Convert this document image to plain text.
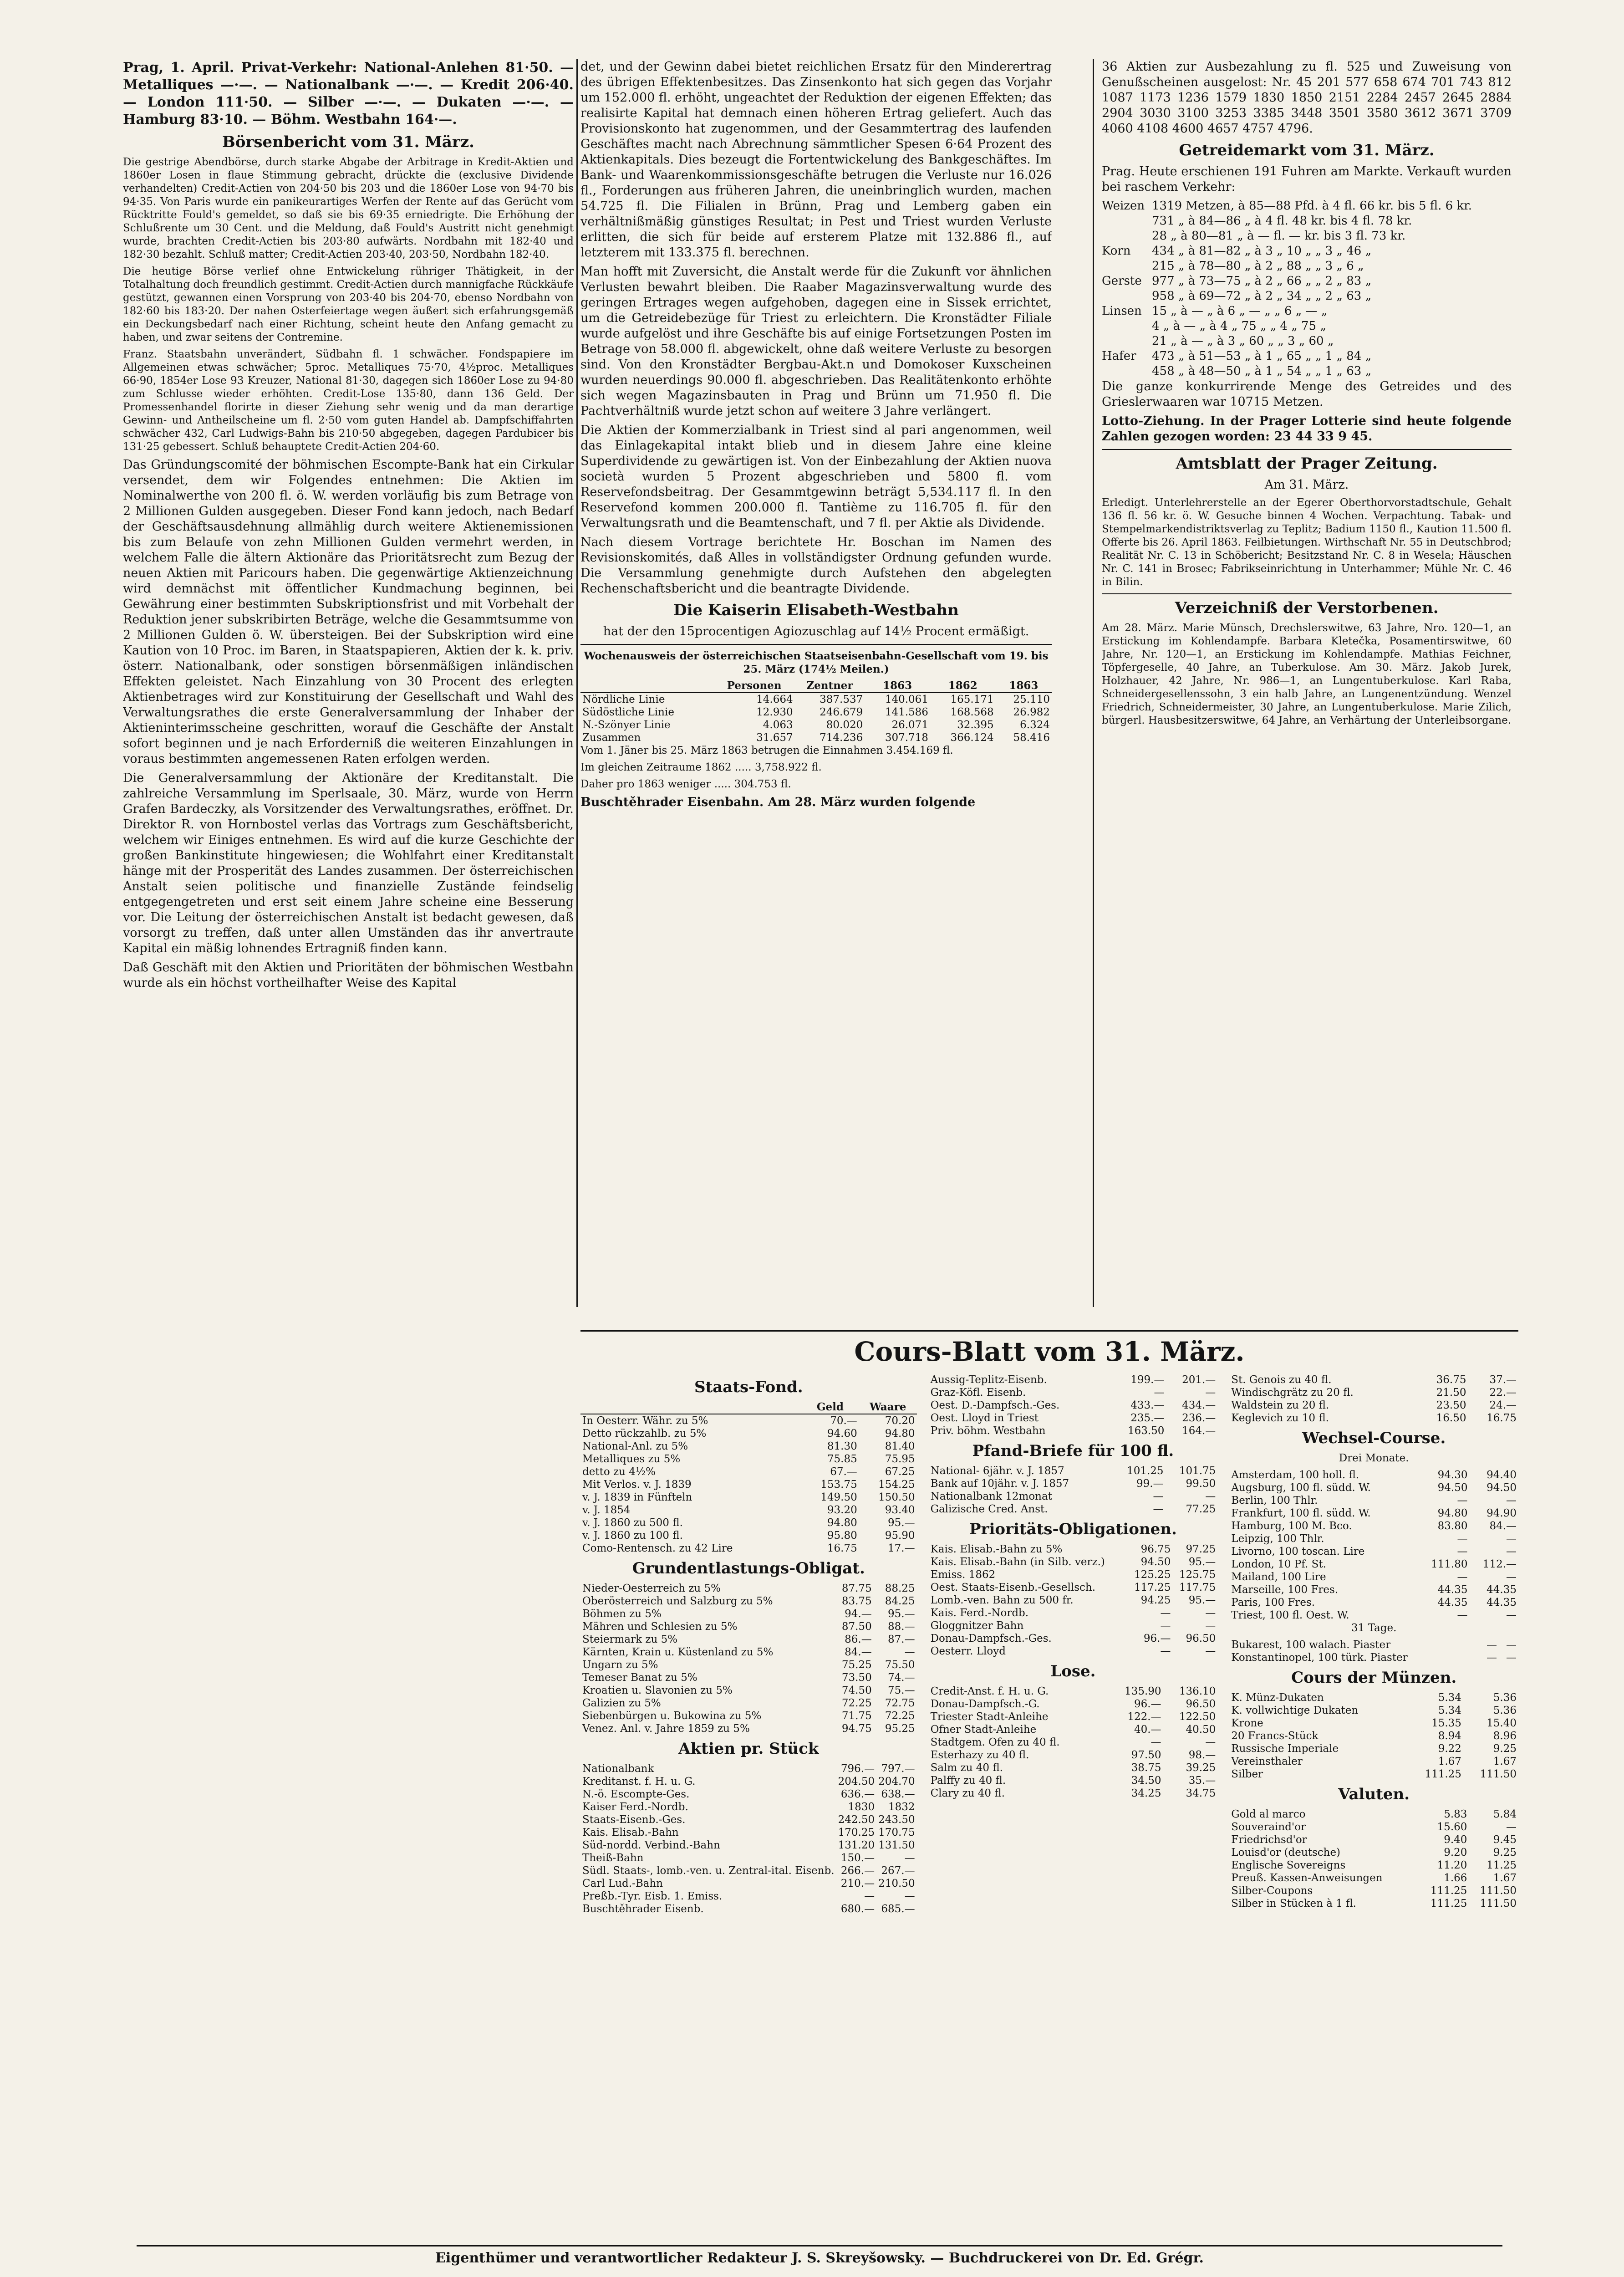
Prag, 1. April. Privat-Verkehr: National-Anlehen 81·50. — Metalliques —·—. — Nationalbank —·—. — Kredit 206·40. — London 111·50. — Silber —·—. — Dukaten —·—. — Hamburg 83·10. — Böhm. Westbahn 164·—.

Börsenbericht vom 31. März.

Die gestrige Abendbörse, durch starke Abgabe der Arbitrage in Kredit-Aktien und 1860er Losen in flaue Stimmung gebracht, drückte die (exclusive Dividende verhandelten) Credit-Actien von 204·50 bis 203 und die 1860er Lose von 94·70 bis 94·35. Von Paris wurde ein panikeurartiges Werfen der Rente auf das Gerücht vom Rücktritte Fould's gemeldet, so daß sie bis 69·35 erniedrigte. Die Erhöhung der Schlußrente um 30 Cent. und die Meldung, daß Fould's Austritt nicht genehmigt wurde, brachten Credit-Actien bis 203·80 aufwärts. Nordbahn mit 182·40 und 182·30 bezahlt. Schluß matter; Credit-Actien 203·40, 203·50, Nordbahn 182·40.

Die heutige Börse verlief ohne Entwickelung rühriger Thätigkeit, in der Totalhaltung doch freundlich gestimmt. Credit-Actien durch mannigfache Rückkäufe gestützt, gewannen einen Vorsprung von 203·40 bis 204·70, ebenso Nordbahn von 182·60 bis 183·20. Der nahen Osterfeiertage wegen äußert sich erfahrungsgemäß ein Deckungsbedarf nach einer Richtung, scheint heute den Anfang gemacht zu haben, und zwar seitens der Contremine.

Franz. Staatsbahn unverändert, Südbahn fl. 1 schwächer. Fondspapiere im Allgemeinen etwas schwächer; 5proc. Metalliques 75·70, 4½proc. Metalliques 66·90, 1854er Lose 93 Kreuzer, National 81·30, dagegen sich 1860er Lose zu 94·80 zum Schlusse wieder erhöhten. Credit-Lose 135·80, dann 136 Geld. Der Promessenhandel florirte in dieser Ziehung sehr wenig und da man derartige Gewinn- und Antheilscheine um fl. 2·50 vom guten Handel ab. Dampfschiffahrten schwächer 432, Carl Ludwigs-Bahn bis 210·50 abgegeben, dagegen Pardubicer bis 131·25 gebessert. Schluß behauptete Credit-Actien 204·60.

Das Gründungscomité der böhmischen Escompte-Bank hat ein Cirkular versendet, dem wir Folgendes entnehmen: Die Aktien im Nominalwerthe von 200 fl. ö. W. werden vorläufig bis zum Betrage von 2 Millionen Gulden ausgegeben. Dieser Fond kann jedoch, nach Bedarf der Geschäftsausdehnung allmählig durch weitere Aktienemissionen bis zum Belaufe von zehn Millionen Gulden vermehrt werden, in welchem Falle die ältern Aktionäre das Prioritätsrecht zum Bezug der neuen Aktien mit Paricours haben. Die gegenwärtige Aktienzeichnung wird demnächst mit öffentlicher Kundmachung beginnen, bei Gewährung einer bestimmten Subskriptionsfrist und mit Vorbehalt der Reduktion jener subskribirten Beträge, welche die Gesammtsumme von 2 Millionen Gulden ö. W. übersteigen. Bei der Subskription wird eine Kaution von 10 Proc. im Baren, in Staatspapieren, Aktien der k. k. priv. österr. Nationalbank, oder sonstigen börsenmäßigen inländischen Effekten geleistet. Nach Einzahlung von 30 Procent des erlegten Aktienbetrages wird zur Konstituirung der Gesellschaft und Wahl des Verwaltungsrathes die erste Generalversammlung der Inhaber der Aktieninterimsscheine geschritten, worauf die Geschäfte der Anstalt sofort beginnen und je nach Erforderniß die weiteren Einzahlungen in voraus bestimmten angemessenen Raten erfolgen werden.

Die Generalversammlung der Aktionäre der Kreditanstalt. Die zahlreiche Versammlung im Sperlsaale, 30. März, wurde von Herrn Grafen Bardeczky, als Vorsitzender des Verwaltungsrathes, eröffnet. Dr. Direktor R. von Hornbostel verlas das Vortrags zum Geschäftsbericht, welchem wir Einiges entnehmen. Es wird auf die kurze Geschichte der großen Bankinstitute hingewiesen; die Wohlfahrt einer Kreditanstalt hänge mit der Prosperität des Landes zusammen. Der österreichischen Anstalt seien politische und finanzielle Zustände feindselig entgegengetreten und erst seit einem Jahre scheine eine Besserung vor. Die Leitung der österreichischen Anstalt ist bedacht gewesen, daß vorsorgt zu treffen, daß unter allen Umständen das ihr anvertraute Kapital ein mäßig lohnendes Ertragniß finden kann.

Daß Geschäft mit den Aktien und Prioritäten der böhmischen Westbahn wurde als ein höchst vortheilhafter Weise des Kapital

det, und der Gewinn dabei bietet reichlichen Ersatz für den Minderertrag des übrigen Effektenbesitzes. Das Zinsenkonto hat sich gegen das Vorjahr um 152.000 fl. erhöht, ungeachtet der Reduktion der eigenen Effekten; das realisirte Kapital hat demnach einen höheren Ertrag geliefert. Auch das Provisionskonto hat zugenommen, und der Gesammtertrag des laufenden Geschäftes macht nach Abrechnung sämmtlicher Spesen 6·64 Prozent des Aktienkapitals. Dies bezeugt die Fortentwickelung des Bankgeschäftes. Im Bank- und Waarenkommissionsgeschäfte betrugen die Verluste nur 16.026 fl., Forderungen aus früheren Jahren, die uneinbringlich wurden, machen 54.725 fl. Die Filialen in Brünn, Prag und Lemberg gaben ein verhältnißmäßig günstiges Resultat; in Pest und Triest wurden Verluste erlitten, die sich für beide auf ersterem Platze mit 132.886 fl., auf letzterem mit 133.375 fl. berechnen.

Man hofft mit Zuversicht, die Anstalt werde für die Zukunft vor ähnlichen Verlusten bewahrt bleiben. Die Raaber Magazinsverwaltung wurde des geringen Ertrages wegen aufgehoben, dagegen eine in Sissek errichtet, um die Getreidebezüge für Triest zu erleichtern. Die Kronstädter Filiale wurde aufgelöst und ihre Geschäfte bis auf einige Fortsetzungen Posten im Betrage von 58.000 fl. abgewickelt, ohne daß weitere Verluste zu besorgen sind. Von den Kronstädter Bergbau-Akt.n und Domokoser Kuxscheinen wurden neuerdings 90.000 fl. abgeschrieben. Das Realitätenkonto erhöhte sich wegen Magazinsbauten in Prag und Brünn um 71.950 fl. Die Pachtverhältniß wurde jetzt schon auf weitere 3 Jahre verlängert.

Die Aktien der Kommerzialbank in Triest sind al pari angenommen, weil das Einlagekapital intakt blieb und in diesem Jahre eine kleine Superdividende zu gewärtigen ist. Von der Einbezahlung der Aktien nuova società wurden 5 Prozent abgeschrieben und 5800 fl. vom Reservefondsbeitrag. Der Gesammtgewinn beträgt 5,534.117 fl. In den Reservefond kommen 200.000 fl. Tantième zu 116.705 fl. für den Verwaltungsrath und die Beamtenschaft, und 7 fl. per Aktie als Dividende.

Nach diesem Vortrage berichtete Hr. Boschan im Namen des Revisionskomités, daß Alles in vollständigster Ordnung gefunden wurde. Die Versammlung genehmigte durch Aufstehen den abgelegten Rechenschaftsbericht und die beantragte Dividende.

Die Kaiserin Elisabeth-Westbahn

hat der den 15procentigen Agiozuschlag auf 14½ Procent ermäßigt.

Wochenausweis der österreichischen Staatseisenbahn-Gesellschaft vom 19. bis 25. März (174½ Meilen.)

	Personen	Zentner	1863	1862	1863
Nördliche Linie	14.664	387.537	140.061	165.171	25.110
Südöstliche Linie	12.930	246.679	141.586	168.568	26.982
N.-Szönyer Linie	4.063	80.020	26.071	32.395	6.324
Zusammen	31.657	714.236	307.718	366.124	58.416

Vom 1. Jäner bis 25. März 1863 betrugen die Einnahmen 3.454.169 fl.

Im gleichen Zeitraume 1862 ..... 3,758.922 fl.

Daher pro 1863 weniger ..... 304.753 fl.

Buschtěhrader Eisenbahn. Am 28. März wurden folgende

36 Aktien zur Ausbezahlung zu fl. 525 und Zuweisung von Genußscheinen ausgelost: Nr. 45 201 577 658 674 701 743 812 1087 1173 1236 1579 1830 1850 2151 2284 2457 2645 2884 2904 3030 3100 3253 3385 3448 3501 3580 3612 3671 3709 4060 4108 4600 4657 4757 4796.

Getreidemarkt vom 31. März.

Prag. Heute erschienen 191 Fuhren am Markte. Verkauft wurden bei raschem Verkehr:

Weizen 1319 Metzen, à 85—88 Pfd. à 4 fl. 66 kr. bis 5 fl. 6 kr.
731 „ à 84—86 „ à 4 fl. 48 kr. bis 4 fl. 78 kr.
28 „ à 80—81 „ à — fl. — kr. bis 3 fl. 73 kr.
Korn	434 „ à 81—82 „ à 3 „ 10 „ „ 3 „ 46 „
215 „ à 78—80 „ à 2 „ 88 „ „ 3 „ 6 „
Gerste 977 „ à 73—75 „ à 2 „ 66 „ „ 2 „ 83 „
958 „ à 69—72 „ à 2 „ 34 „ „ 2 „ 63 „
Linsen 15 „ à — „ à 6 „ — „ „ 6 „ — „
4 „ à — „ à 4 „ 75 „ „ 4 „ 75 „
21 „ à — „ à 3 „ 60 „ „ 3 „ 60 „
Hafer	473 „ à 51—53 „ à 1 „ 65 „ „ 1 „ 84 „
458 „ à 48—50 „ à 1 „ 54 „ „ 1 „ 63 „

Die ganze konkurrirende Menge des Getreides und des Grieslerwaaren war 10715 Metzen.

Lotto-Ziehung. In der Prager Lotterie sind heute folgende Zahlen gezogen worden: 23 44 33 9 45.

Amtsblatt der Prager Zeitung.

Am 31. März.

Erledigt. Unterlehrerstelle an der Egerer Oberthorvorstadtschule, Gehalt 136 fl. 56 kr. ö. W. Gesuche binnen 4 Wochen. Verpachtung. Tabak- und Stempelmarkendistriktsverlag zu Teplitz; Badium 1150 fl., Kaution 11.500 fl. Offerte bis 26. April 1863. Feilbietungen. Wirthschaft Nr. 55 in Deutschbrod; Realität Nr. C. 13 in Schöbericht; Besitzstand Nr. C. 8 in Wesela; Häuschen Nr. C. 141 in Brosec; Fabrikseinrichtung in Unterhammer; Mühle Nr. C. 46 in Bilin.

Verzeichniß der Verstorbenen.

Am 28. März. Marie Münsch, Drechslerswitwe, 63 Jahre, Nro. 120—1, an Erstickung im Kohlendampfe. Barbara Kletečka, Posamentirswitwe, 60 Jahre, Nr. 120—1, an Erstickung im Kohlendampfe. Mathias Feichner, Töpfergeselle, 40 Jahre, an Tuberkulose. Am 30. März. Jakob Jurek, Holzhauer, 42 Jahre, Nr. 986—1, an Lungentuberkulose. Karl Raba, Schneidergesellenssohn, 3 ein halb Jahre, an Lungenentzündung. Wenzel Friedrich, Schneidermeister, 30 Jahre, an Lungentuberkulose. Marie Zilich, bürgerl. Hausbesitzerswitwe, 64 Jahre, an Verhärtung der Unterleibsorgane.

Cours-Blatt vom 31. März.
Staats-Fond.
	Geld	Waare
In Oesterr. Währ. zu 5%	70.—	70.20
Detto rückzahlb. zu 5%	94.60	94.80
National-Anl. zu 5%	81.30	81.40
Metalliques zu 5%	75.85	75.95
detto zu 4½%	67.—	67.25
Mit Verlos. v. J. 1839	153.75	154.25
v. J. 1839 in Fünfteln	149.50	150.50
v. J. 1854	93.20	93.40
v. J. 1860 zu 500 fl.	94.80	95.—
v. J. 1860 zu 100 fl.	95.80	95.90
Como-Rentensch. zu 42 Lire	16.75	17.—
Grundentlastungs-Obligat.
Nieder-Oesterreich zu 5%	87.75	88.25
Oberösterreich und Salzburg zu 5%	83.75	84.25
Böhmen zu 5%	94.—	95.—
Mähren und Schlesien zu 5%	87.50	88.—
Steiermark zu 5%	86.—	87.—
Kärnten, Krain u. Küstenland zu 5%	84.—	—
Ungarn zu 5%	75.25	75.50
Temeser Banat zu 5%	73.50	74.—
Kroatien u. Slavonien zu 5%	74.50	75.—
Galizien zu 5%	72.25	72.75
Siebenbürgen u. Bukowina zu 5%	71.75	72.25
Venez. Anl. v. Jahre 1859 zu 5%	94.75	95.25
Aktien pr. Stück
Nationalbank	796.—	797.—
Kreditanst. f. H. u. G.	204.50	204.70
N.-ö. Escompte-Ges.	636.—	638.—
Kaiser Ferd.-Nordb.	1830	1832
Staats-Eisenb.-Ges.	242.50	243.50
Kais. Elisab.-Bahn	170.25	170.75
Süd-nordd. Verbind.-Bahn	131.20	131.50
Theiß-Bahn	150.—	—
Südl. Staats-, lomb.-ven. u. Zentral-ital. Eisenb.	266.—	267.—
Carl Lud.-Bahn	210.—	210.50
Preßb.-Tyr. Eisb. 1. Emiss.	—	—
Buschtěhrader Eisenb.	680.—	685.—
Aussig-Teplitz-Eisenb.	199.—	201.—
Graz-Köfl. Eisenb.	—	—
Oest. D.-Dampfsch.-Ges.	433.—	434.—
Oest. Lloyd in Triest	235.—	236.—
Priv. böhm. Westbahn	163.50	164.—
Pfand-Briefe für 100 fl.
National- 6jähr. v. J. 1857	101.25	101.75
Bank auf 10jähr. v. J. 1857	99.—	99.50
Nationalbank 12monat	—	—
Galizische Cred. Anst.	—	77.25
Prioritäts-Obligationen.
Kais. Elisab.-Bahn zu 5%	96.75	97.25
Kais. Elisab.-Bahn (in Silb. verz.)	94.50	95.—
Emiss. 1862	125.25	125.75
Oest. Staats-Eisenb.-Gesellsch.	117.25	117.75
Lomb.-ven. Bahn zu 500 fr.	94.25	95.—
Kais. Ferd.-Nordb.	—	—
Gloggnitzer Bahn	—	—
Donau-Dampfsch.-Ges.	96.—	96.50
Oesterr. Lloyd	—	—
Lose.
Credit-Anst. f. H. u. G.	135.90	136.10
Donau-Dampfsch.-G.	96.—	96.50
Triester Stadt-Anleihe	122.—	122.50
Ofner Stadt-Anleihe	40.—	40.50
Stadtgem. Ofen zu 40 fl.	—	—
Esterhazy zu 40 fl.	97.50	98.—
Salm zu 40 fl.	38.75	39.25
Palffy zu 40 fl.	34.50	35.—
Clary zu 40 fl.	34.25	34.75
St. Genois zu 40 fl.	36.75	37.—
Windischgrätz zu 20 fl.	21.50	22.—
Waldstein zu 20 fl.	23.50	24.—
Keglevich zu 10 fl.	16.50	16.75
Wechsel-Course.

Drei Monate.

Amsterdam, 100 holl. fl.	94.30	94.40
Augsburg, 100 fl. südd. W.	94.50	94.50
Berlin, 100 Thlr.	—	—
Frankfurt, 100 fl. südd. W.	94.80	94.90
Hamburg, 100 M. Bco.	83.80	84.—
Leipzig, 100 Thlr.	—	—
Livorno, 100 toscan. Lire	—	—
London, 10 Pf. St.	111.80	112.—
Mailand, 100 Lire	—	—
Marseille, 100 Fres.	44.35	44.35
Paris, 100 Fres.	44.35	44.35
Triest, 100 fl. Oest. W.	—	—

31 Tage.

Bukarest, 100 walach. Piaster	—	—
Konstantinopel, 100 türk. Piaster	—	—
Cours der Münzen.
K. Münz-Dukaten	5.34	5.36
K. vollwichtige Dukaten	5.34	5.36
Krone	15.35	15.40
20 Francs-Stück	8.94	8.96
Russische Imperiale	9.22	9.25
Vereinsthaler	1.67	1.67
Silber	111.25	111.50
Valuten.
Gold al marco	5.83	5.84
Souveraind'or	15.60	—
Friedrichsd'or	9.40	9.45
Louisd'or (deutsche)	9.20	9.25
Englische Sovereigns	11.20	11.25
Preuß. Kassen-Anweisungen	1.66	1.67
Silber-Coupons	111.25	111.50
Silber in Stücken à 1 fl.	111.25	111.50
Eigenthümer und verantwortlicher Redakteur J. S. Skreyšowsky. — Buchdruckerei von Dr. Ed. Grégr.
